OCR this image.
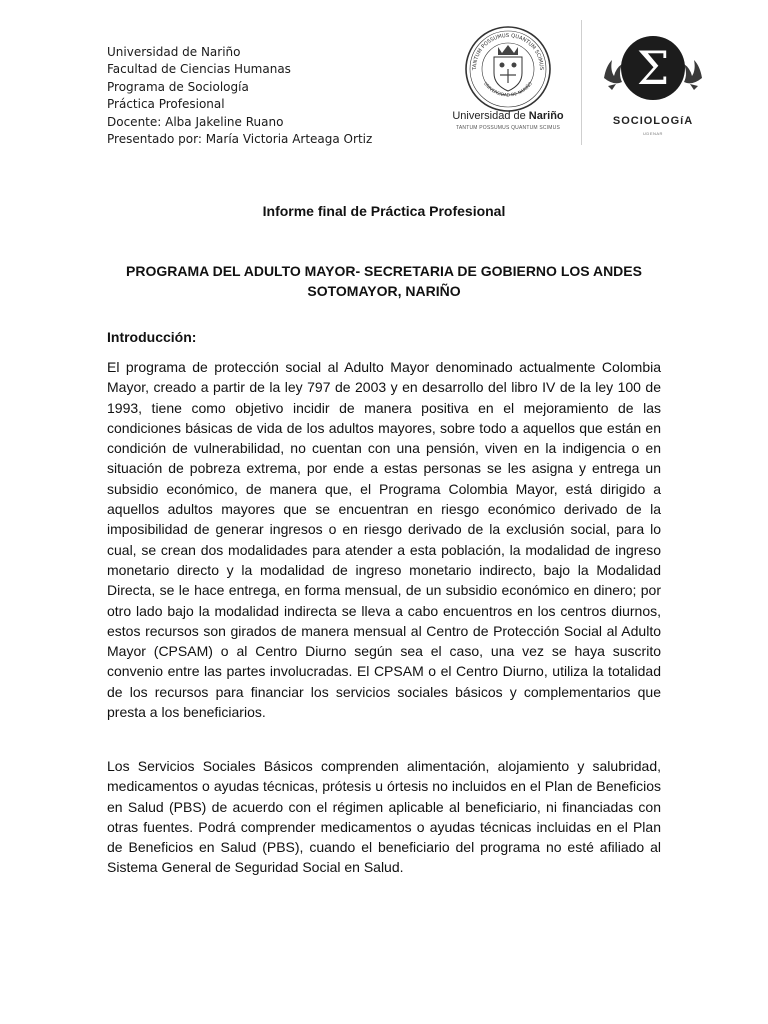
Universidad de Nariño
Facultad de Ciencias Humanas
Programa de Sociología
Práctica Profesional
Docente: Alba Jakeline Ruano
Presentado por: María Victoria Arteaga Ortiz
TANTUM POSSUMUS QUANTUM SCIMUS
UNIVERSIDAD DE NARIÑO
Universidad de Nariño
TANTUM POSSUMUS QUANTUM SCIMUS
Σ
SOCIOLOGíA
UDENAR
Informe final de Práctica Profesional
PROGRAMA DEL ADULTO MAYOR- SECRETARIA DE GOBIERNO LOS ANDES SOTOMAYOR, NARIÑO
Introducción:

El programa de protección social al Adulto Mayor denominado actualmente Colombia Mayor, creado a partir de la ley 797 de 2003 y en desarrollo del libro IV de la ley 100 de 1993, tiene como objetivo incidir de manera positiva en el mejoramiento de las condiciones básicas de vida de los adultos mayores, sobre todo a aquellos que están en condición de vulnerabilidad, no cuentan con una pensión, viven en la indigencia o en situación de pobreza extrema, por ende a estas personas se les asigna y entrega un subsidio económico, de manera que, el Programa Colombia Mayor, está dirigido a aquellos adultos mayores que se encuentran en riesgo económico derivado de la imposibilidad de generar ingresos o en riesgo derivado de la exclusión social, para lo cual, se crean dos modalidades para atender a esta población, la modalidad de ingreso monetario directo y la modalidad de ingreso monetario indirecto, bajo la Modalidad Directa, se le hace entrega, en forma mensual, de un subsidio económico en dinero; por otro lado bajo la modalidad indirecta se lleva a cabo encuentros en los centros diurnos, estos recursos son girados de manera mensual al Centro de Protección Social al Adulto Mayor (CPSAM) o al Centro Diurno según sea el caso, una vez se haya suscrito convenio entre las partes involucradas. El CPSAM o el Centro Diurno, utiliza la totalidad de los recursos para financiar los servicios sociales básicos y complementarios que presta a los beneficiarios.

Los Servicios Sociales Básicos comprenden alimentación, alojamiento y salubridad, medicamentos o ayudas técnicas, prótesis u órtesis no incluidos en el Plan de Beneficios en Salud (PBS) de acuerdo con el régimen aplicable al beneficiario, ni financiadas con otras fuentes. Podrá comprender medicamentos o ayudas técnicas incluidas en el Plan de Beneficios en Salud (PBS), cuando el beneficiario del programa no esté afiliado al Sistema General de Seguridad Social en Salud.
